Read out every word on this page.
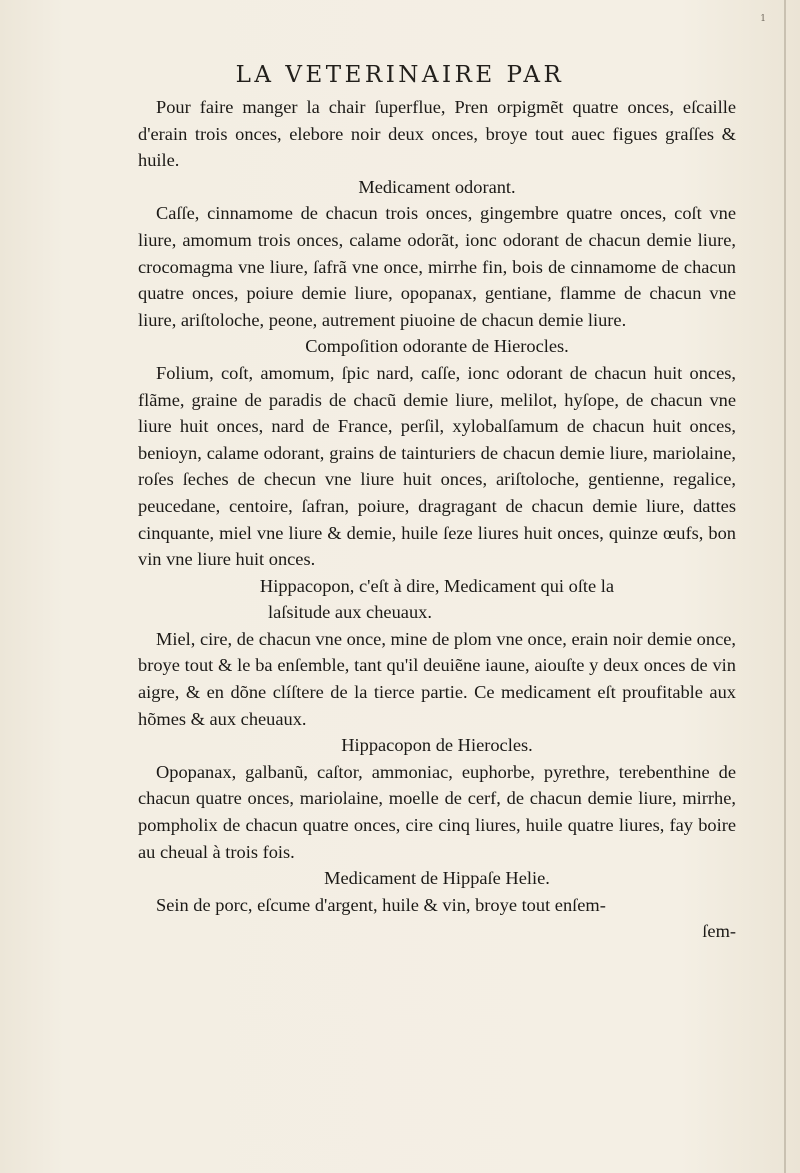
1
LA VETERINAIRE PAR

Pour faire manger la chair ſuperflue, Pren orpigmẽt quatre onces, eſcaille d'erain trois onces, elebore noir deux onces, broye tout auec figues graſſes & huile.

Medicament odorant.

Caſſe, cinnamome de chacun trois onces, gingembre quatre onces, coſt vne liure, amomum trois onces, calame odorãt, ionc odorant de chacun demie liure, crocomagma vne liure, ſafrã vne once, mirrhe fin, bois de cinnamome de chacun quatre onces, poiure demie liure, opopanax, gentiane, flamme de chacun vne liure, ariſtoloche, peone, autrement piuoine de chacun demie liure.

Compoſition odorante de Hierocles.

Folium, coſt, amomum, ſpic nard, caſſe, ionc odorant de chacun huit onces, flãme, graine de paradis de chacũ demie liure, melilot, hyſope, de chacun vne liure huit onces, nard de France, perſil, xylobalſamum de chacun huit onces, benioyn, calame odorant, grains de tainturiers de chacun demie liure, mariolaine, roſes ſeches de checun vne liure huit onces, ariſtoloche, gentienne, regalice, peucedane, centoire, ſafran, poiure, dragragant de chacun demie liure, dattes cinquante, miel vne liure & demie, huile ſeze liures huit onces, quinze œufs, bon vin vne liure huit onces.

Hippacopon, c'eſt à dire, Medicament qui oſte la

laſsitude aux cheuaux.

Miel, cire, de chacun vne once, mine de plom vne once, erain noir demie once, broye tout & le ba enſemble, tant qu'il deuiẽne iaune, aiouſte y deux onces de vin aigre, & en dõne clíſtere de la tierce partie. Ce medicament eſt proufitable aux hõmes & aux cheuaux.

Hippacopon de Hierocles.

Opopanax, galbanũ, caſtor, ammoniac, euphorbe, pyrethre, terebenthine de chacun quatre onces, mariolaine, moelle de cerf, de chacun demie liure, mirrhe, pompholix de chacun quatre onces, cire cinq liures, huile quatre liures, fay boire au cheual à trois fois.

Medicament de Hippaſe Helie.

Sein de porc, eſcume d'argent, huile & vin, broye tout enſem-

ſem-
